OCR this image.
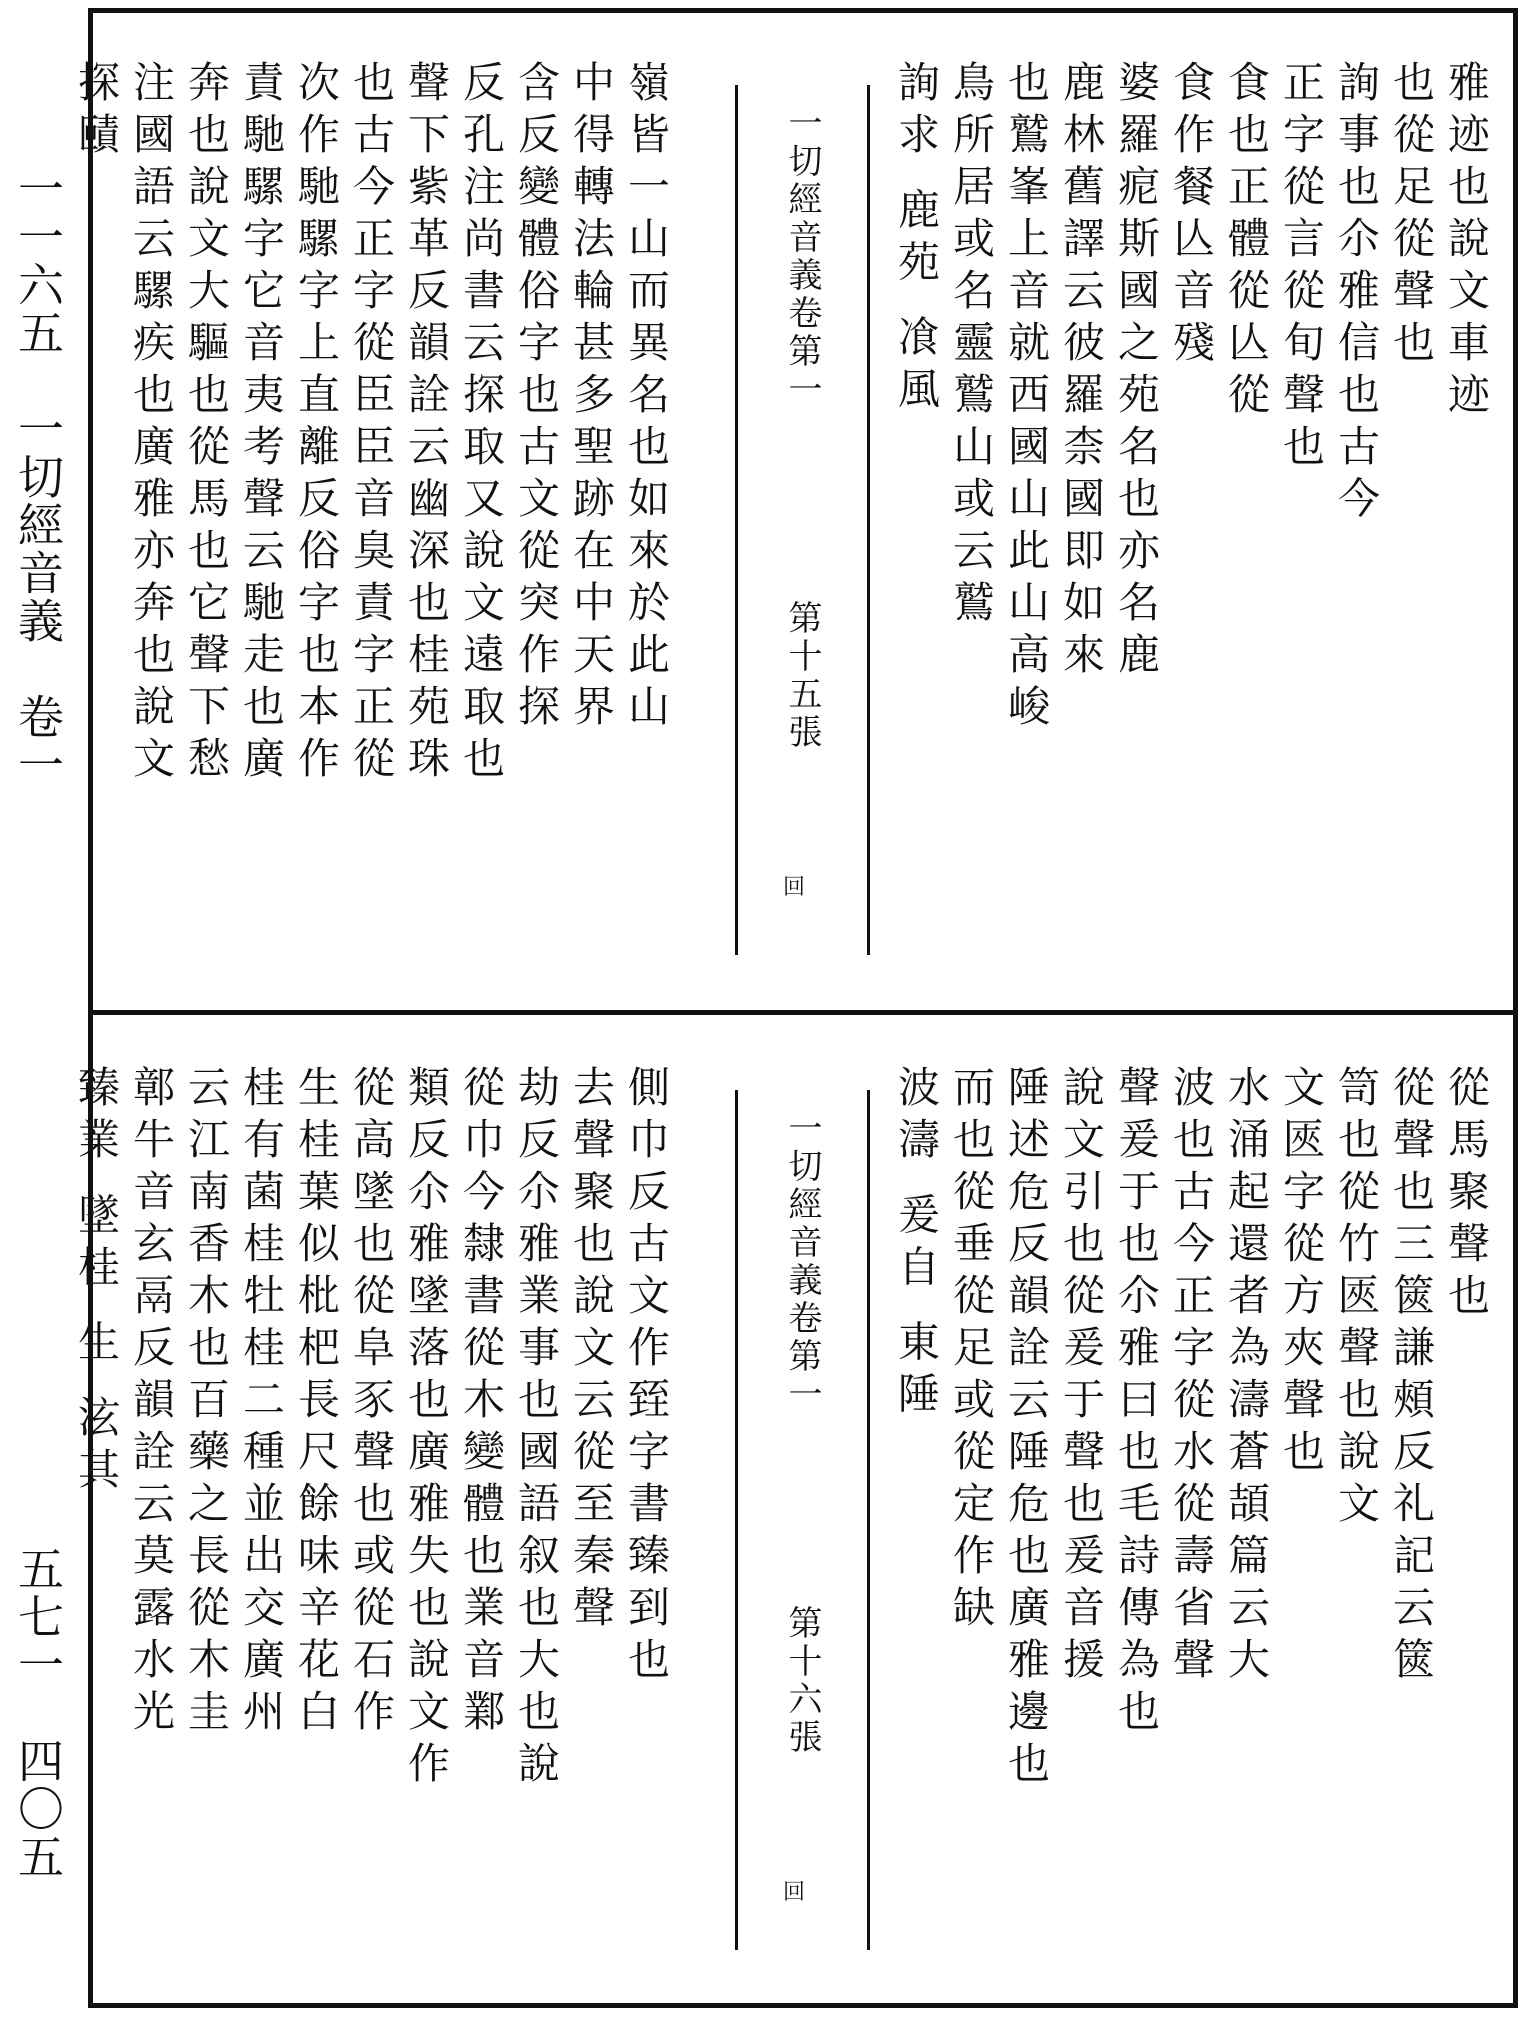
一一六五　一切經音義　卷一
五七一　四〇五
雅迹也說文車迹
也從足從聲也
詢事也尒雅信也古今
正字從言從旬聲也
食也正體從亾從
食作餐亾音殘
婆羅痆斯國之苑名也亦名鹿
鹿林舊譯云彼羅柰國即如來
也鷲峯上音就西國山此山高峻
鳥所居或名靈鷲山或云鷲
詢求 鹿苑 飡風
一切經音義卷第一
第十五張
回
嶺皆一山而異名也如來於此山
中得轉法輪甚多聖跡在中天界
含反變體俗字也古文從突作探
反孔注尚書云探取又說文遠取也
聲下紫革反韻詮云幽深也桂苑珠
也古今正字從臣臣音臭責字正從
次作馳騾字上直離反俗字也本作
責馳騾字它音夷考聲云馳走也廣
奔也說文大驅也從馬也它聲下愁
注國語云騾疾也廣雅亦奔也說文
探賾
從馬聚聲也
從聲也三篋謙頰反礼記云篋
笥也從竹匧聲也說文
文匧字從方夾聲也
水涌起還者為濤蒼頡篇云大
波也古今正字從水從壽省聲
聲爰于也尒雅曰也毛詩傳為也
說文引也從爰于聲也爰音援
陲述危反韻詮云陲危也廣雅邊也
而也從垂從足或從定作缺
波濤 爰自 東陲
一切經音義卷第一
第十六張
回
側巾反古文作臸字書臻到也
去聲聚也說文云從至秦聲
劫反尒雅業事也國語叙也大也說
從巾今隸書從木變體也業音鄴
類反尒雅墜落也廣雅失也說文作
從高墜也從阜豕聲也或從石作
生桂葉似枇杷長尺餘味辛花白
桂有菌桂牡桂二種並出交廣州
云江南香木也百藥之長從木圭
鄣牛音玄鬲反韻詮云莫露水光
臻業 墜桂 生 泫其
